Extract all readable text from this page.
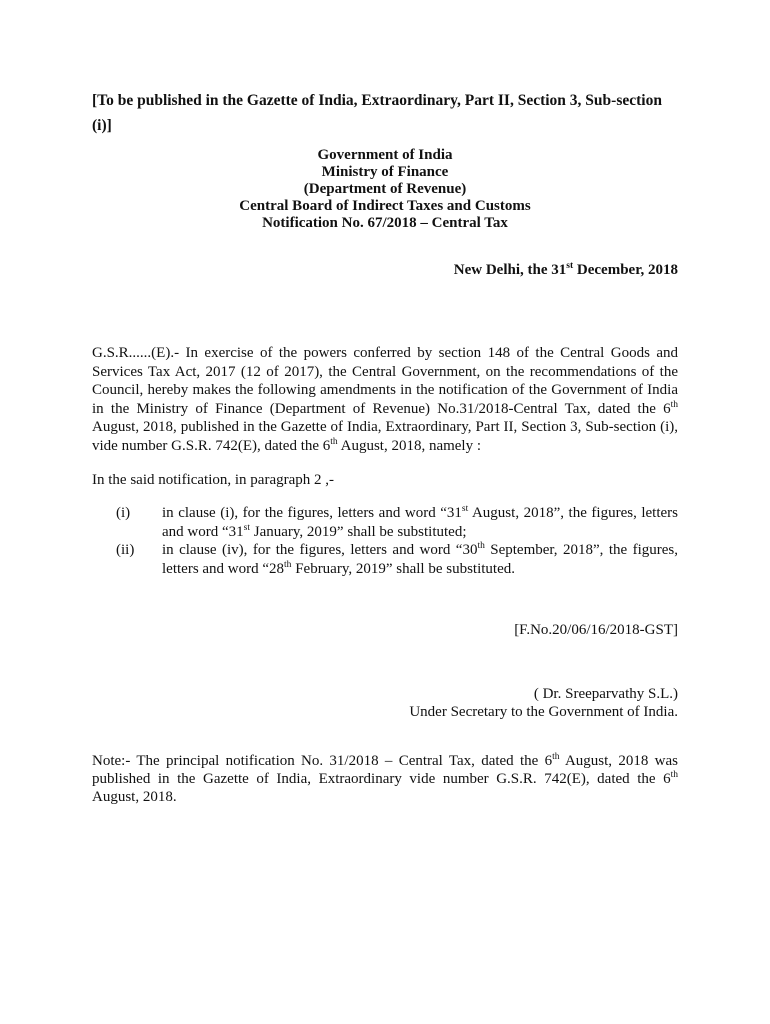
[To be published in the Gazette of India, Extraordinary, Part II, Section 3, Sub-section (i)]
Government of India
Ministry of Finance
(Department of Revenue)
Central Board of Indirect Taxes and Customs
Notification No. 67/2018 – Central Tax
New Delhi, the 31st December, 2018
G.S.R......(E).- In exercise of the powers conferred by section 148 of the Central Goods and Services Tax Act, 2017 (12 of 2017), the Central Government, on the recommendations of the Council, hereby makes the following amendments in the notification of the Government of India in the Ministry of Finance (Department of Revenue) No.31/2018-Central Tax, dated the 6th August, 2018, published in the Gazette of India, Extraordinary, Part II, Section 3, Sub-section (i), vide number G.S.R. 742(E), dated the 6th August, 2018, namely :
In the said notification, in paragraph 2 ,-
(i)	in clause (i), for the figures, letters and word “31st August, 2018”, the figures, letters and word “31st January, 2019” shall be substituted;
(ii)	in clause (iv), for the figures, letters and word “30th September, 2018”, the figures, letters and word “28th February, 2019” shall be substituted.
[F.No.20/06/16/2018-GST]
( Dr. Sreeparvathy S.L.)
Under Secretary to the Government of India.
Note:- The principal notification No. 31/2018 – Central Tax, dated the 6th August, 2018 was published in the Gazette of India, Extraordinary vide number G.S.R. 742(E), dated the 6th August, 2018.
